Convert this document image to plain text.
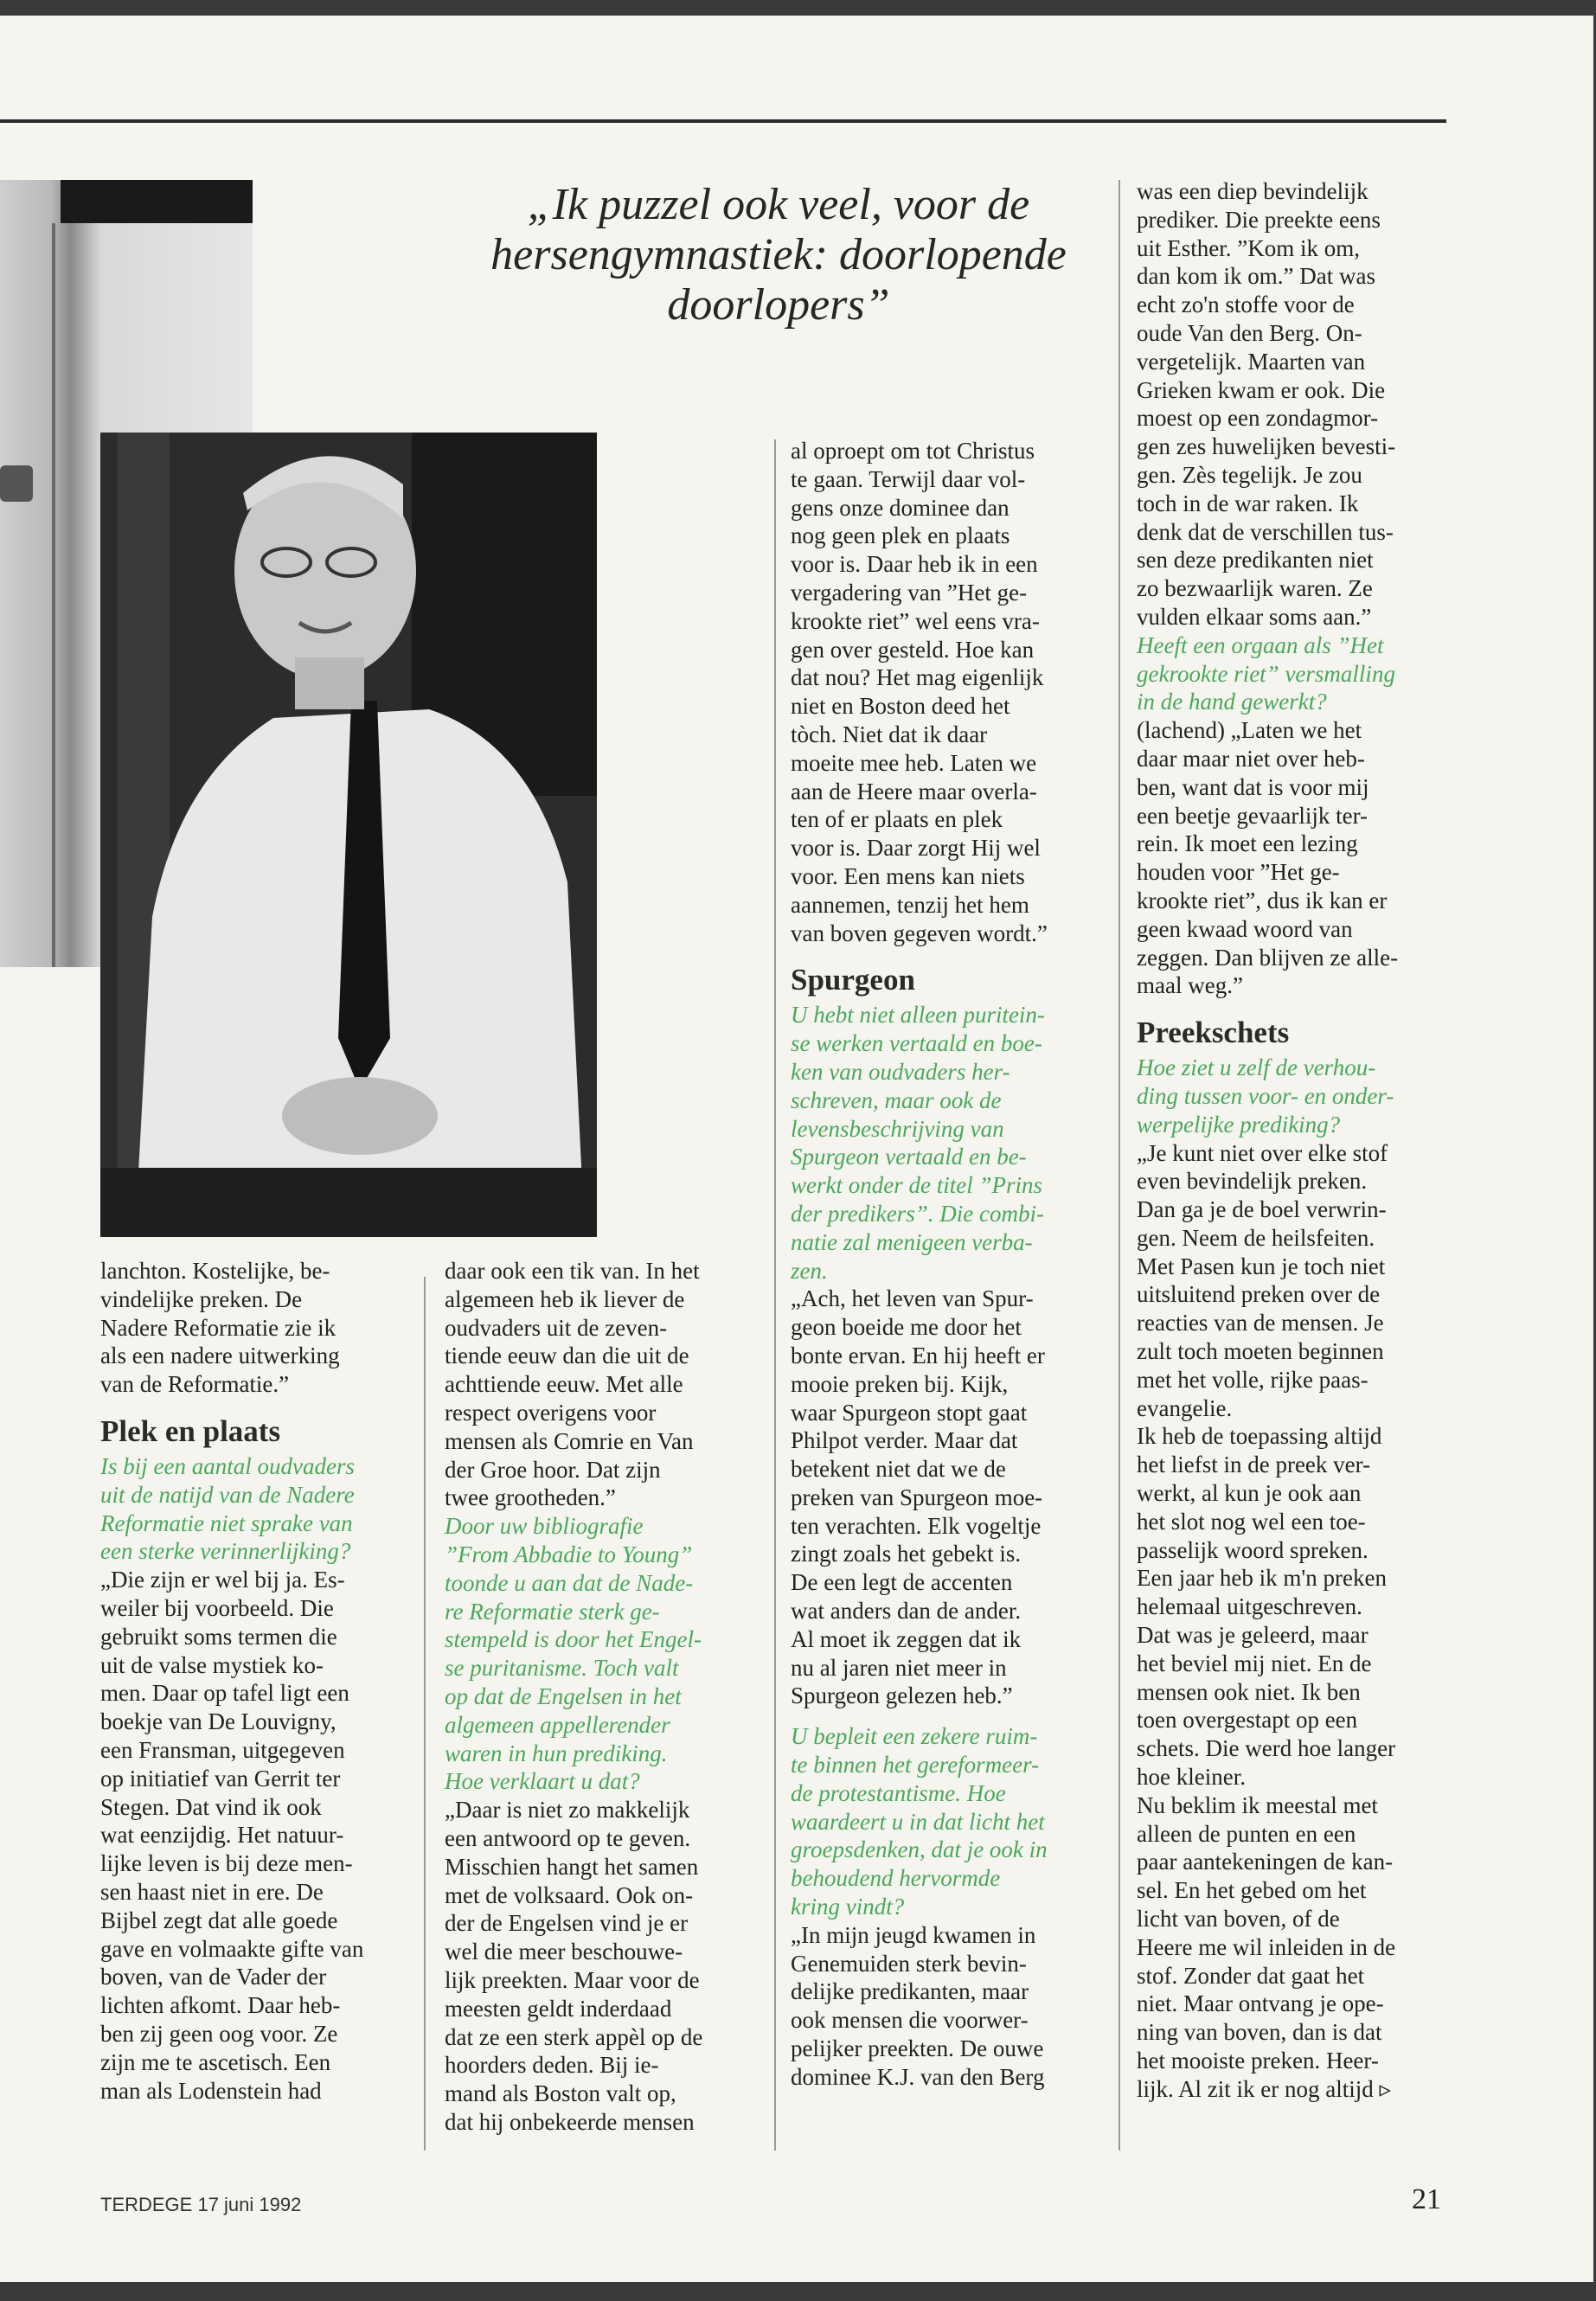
„Ik puzzel ook veel, voor de hersengymnastiek: doorlopende doorlopers”
lanchton. Kostelijke, be-
vindelijke preken. De
Nadere Reformatie zie ik
als een nadere uitwerking
van de Reformatie.”
Plek en plaats
Is bij een aantal oudvaders
uit de natijd van de Nadere
Reformatie niet sprake van
een sterke verinnerlijking?
„Die zijn er wel bij ja. Es-
weiler bij voorbeeld. Die
gebruikt soms termen die
uit de valse mystiek ko-
men. Daar op tafel ligt een
boekje van De Louvigny,
een Fransman, uitgegeven
op initiatief van Gerrit ter
Stegen. Dat vind ik ook
wat eenzijdig. Het natuur-
lijke leven is bij deze men-
sen haast niet in ere. De
Bijbel zegt dat alle goede
gave en volmaakte gifte van
boven, van de Vader der
lichten afkomt. Daar heb-
ben zij geen oog voor. Ze
zijn me te ascetisch. Een
man als Lodenstein had
daar ook een tik van. In het
algemeen heb ik liever de
oudvaders uit de zeven-
tiende eeuw dan die uit de
achttiende eeuw. Met alle
respect overigens voor
mensen als Comrie en Van
der Groe hoor. Dat zijn
twee grootheden.”
Door uw bibliografie
”From Abbadie to Young”
toonde u aan dat de Nade-
re Reformatie sterk ge-
stempeld is door het Engel-
se puritanisme. Toch valt
op dat de Engelsen in het
algemeen appellerender
waren in hun prediking.
Hoe verklaart u dat?
„Daar is niet zo makkelijk
een antwoord op te geven.
Misschien hangt het samen
met de volksaard. Ook on-
der de Engelsen vind je er
wel die meer beschouwe-
lijk preekten. Maar voor de
meesten geldt inderdaad
dat ze een sterk appèl op de
hoorders deden. Bij ie-
mand als Boston valt op,
dat hij onbekeerde mensen
al oproept om tot Christus
te gaan. Terwijl daar vol-
gens onze dominee dan
nog geen plek en plaats
voor is. Daar heb ik in een
vergadering van ”Het ge-
krookte riet” wel eens vra-
gen over gesteld. Hoe kan
dat nou? Het mag eigenlijk
niet en Boston deed het
tòch. Niet dat ik daar
moeite mee heb. Laten we
aan de Heere maar overla-
ten of er plaats en plek
voor is. Daar zorgt Hij wel
voor. Een mens kan niets
aannemen, tenzij het hem
van boven gegeven wordt.”
Spurgeon
U hebt niet alleen puritein-
se werken vertaald en boe-
ken van oudvaders her-
schreven, maar ook de
levensbeschrijving van
Spurgeon vertaald en be-
werkt onder de titel ”Prins
der predikers”. Die combi-
natie zal menigeen verba-
zen.
„Ach, het leven van Spur-
geon boeide me door het
bonte ervan. En hij heeft er
mooie preken bij. Kijk,
waar Spurgeon stopt gaat
Philpot verder. Maar dat
betekent niet dat we de
preken van Spurgeon moe-
ten verachten. Elk vogeltje
zingt zoals het gebekt is.
De een legt de accenten
wat anders dan de ander.
Al moet ik zeggen dat ik
nu al jaren niet meer in
Spurgeon gelezen heb.”
U bepleit een zekere ruim-
te binnen het gereformeer-
de protestantisme. Hoe
waardeert u in dat licht het
groepsdenken, dat je ook in
behoudend hervormde
kring vindt?
„In mijn jeugd kwamen in
Genemuiden sterk bevin-
delijke predikanten, maar
ook mensen die voorwer-
pelijker preekten. De ouwe
dominee K.J. van den Berg
was een diep bevindelijk
prediker. Die preekte eens
uit Esther. ”Kom ik om,
dan kom ik om.” Dat was
echt zo'n stoffe voor de
oude Van den Berg. On-
vergetelijk. Maarten van
Grieken kwam er ook. Die
moest op een zondagmor-
gen zes huwelijken bevesti-
gen. Zès tegelijk. Je zou
toch in de war raken. Ik
denk dat de verschillen tus-
sen deze predikanten niet
zo bezwaarlijk waren. Ze
vulden elkaar soms aan.”
Heeft een orgaan als ”Het
gekrookte riet” versmalling
in de hand gewerkt?
(lachend) „Laten we het
daar maar niet over heb-
ben, want dat is voor mij
een beetje gevaarlijk ter-
rein. Ik moet een lezing
houden voor ”Het ge-
krookte riet”, dus ik kan er
geen kwaad woord van
zeggen. Dan blijven ze alle-
maal weg.”
Preekschets
Hoe ziet u zelf de verhou-
ding tussen voor- en onder-
werpelijke prediking?
„Je kunt niet over elke stof
even bevindelijk preken.
Dan ga je de boel verwrin-
gen. Neem de heilsfeiten.
Met Pasen kun je toch niet
uitsluitend preken over de
reacties van de mensen. Je
zult toch moeten beginnen
met het volle, rijke paas-
evangelie.
Ik heb de toepassing altijd
het liefst in de preek ver-
werkt, al kun je ook aan
het slot nog wel een toe-
passelijk woord spreken.
Een jaar heb ik m'n preken
helemaal uitgeschreven.
Dat was je geleerd, maar
het beviel mij niet. En de
mensen ook niet. Ik ben
toen overgestapt op een
schets. Die werd hoe langer
hoe kleiner.
Nu beklim ik meestal met
alleen de punten en een
paar aantekeningen de kan-
sel. En het gebed om het
licht van boven, of de
Heere me wil inleiden in de
stof. Zonder dat gaat het
niet. Maar ontvang je ope-
ning van boven, dan is dat
het mooiste preken. Heer-
lijk. Al zit ik er nog altijd ▹
TERDEGE 17 juni 1992	21
